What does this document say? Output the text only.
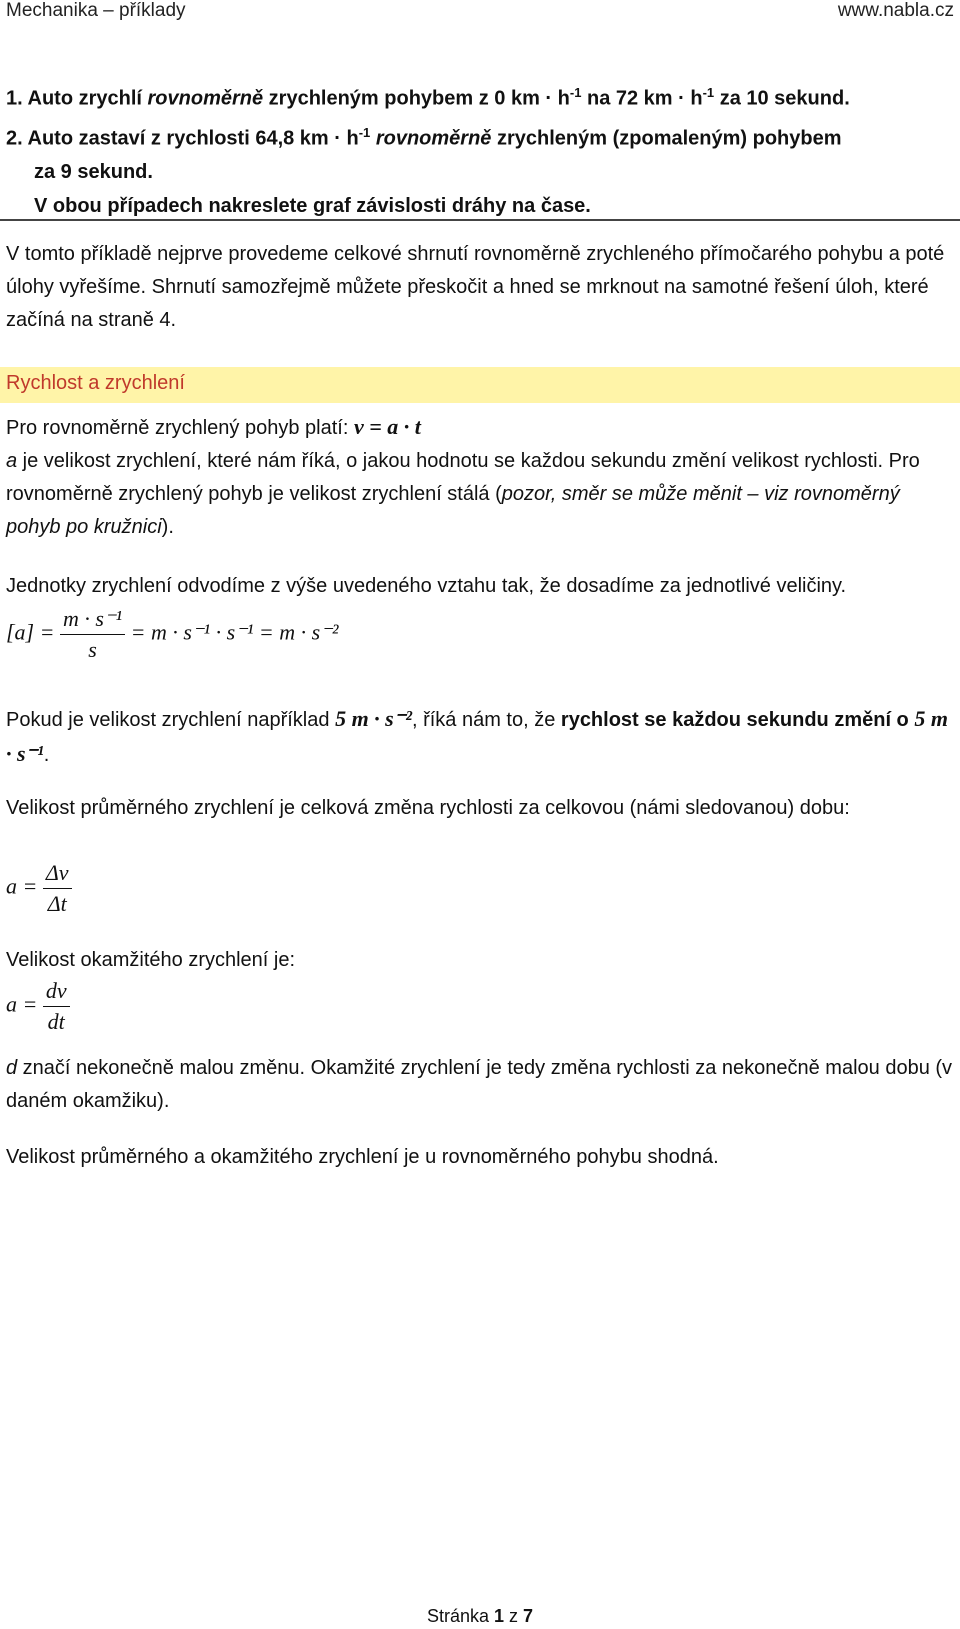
Mechanika – příklady	www.nabla.cz
1. Auto zrychlí rovnoměrně zrychleným pohybem z 0 km · $h^{-1}$ na 72 km · $h^{-1}$ za 10 sekund.
2. Auto zastaví z rychlosti 64,8 km · $h^{-1}$ rovnoměrně zrychleným (zpomaleným) pohybem
za 9 sekund.
V obou případech nakreslete graf závislosti dráhy na čase.
V tomto příkladě nejprve provedeme celkové shrnutí rovnoměrně zrychleného přímočarého pohybu a poté úlohy vyřešíme. Shrnutí samozřejmě můžete přeskočit a hned se mrknout na samotné řešení úloh, které začíná na straně 4.
Rychlost a zrychlení
Pro rovnoměrně zrychlený pohyb platí: v = a · t
a je velikost zrychlení, které nám říká, o jakou hodnotu se každou sekundu změní velikost rychlosti. Pro rovnoměrně zrychlený pohyb je velikost zrychlení stálá (pozor, směr se může měnit – viz rovnoměrný pohyb po kružnici).
Jednotky zrychlení odvodíme z výše uvedeného vztahu tak, že dosadíme za jednotlivé veličiny.
$[a] = \frac{\text{m · s⁻¹}}{s} = m \cdot s^{-1} \cdot s^{-1} = m \cdot s^{-2}$
Pokud je velikost zrychlení například 5 m · s⁻², říká nám to, že rychlost se každou sekundu změní o 5 m · s⁻¹.
Velikost průměrného zrychlení je celková změna rychlosti za celkovou (námi sledovanou) dobu:
$a = \frac{\Delta v}{\Delta t}$
Velikost okamžitého zrychlení je:
$a = \frac{dv}{dt}$
d značí nekonečně malou změnu. Okamžité zrychlení je tedy změna rychlosti za nekonečně malou dobu (v daném okamžiku).
Velikost průměrného a okamžitého zrychlení je u rovnoměrného pohybu shodná.
Stránka 1 z 7
